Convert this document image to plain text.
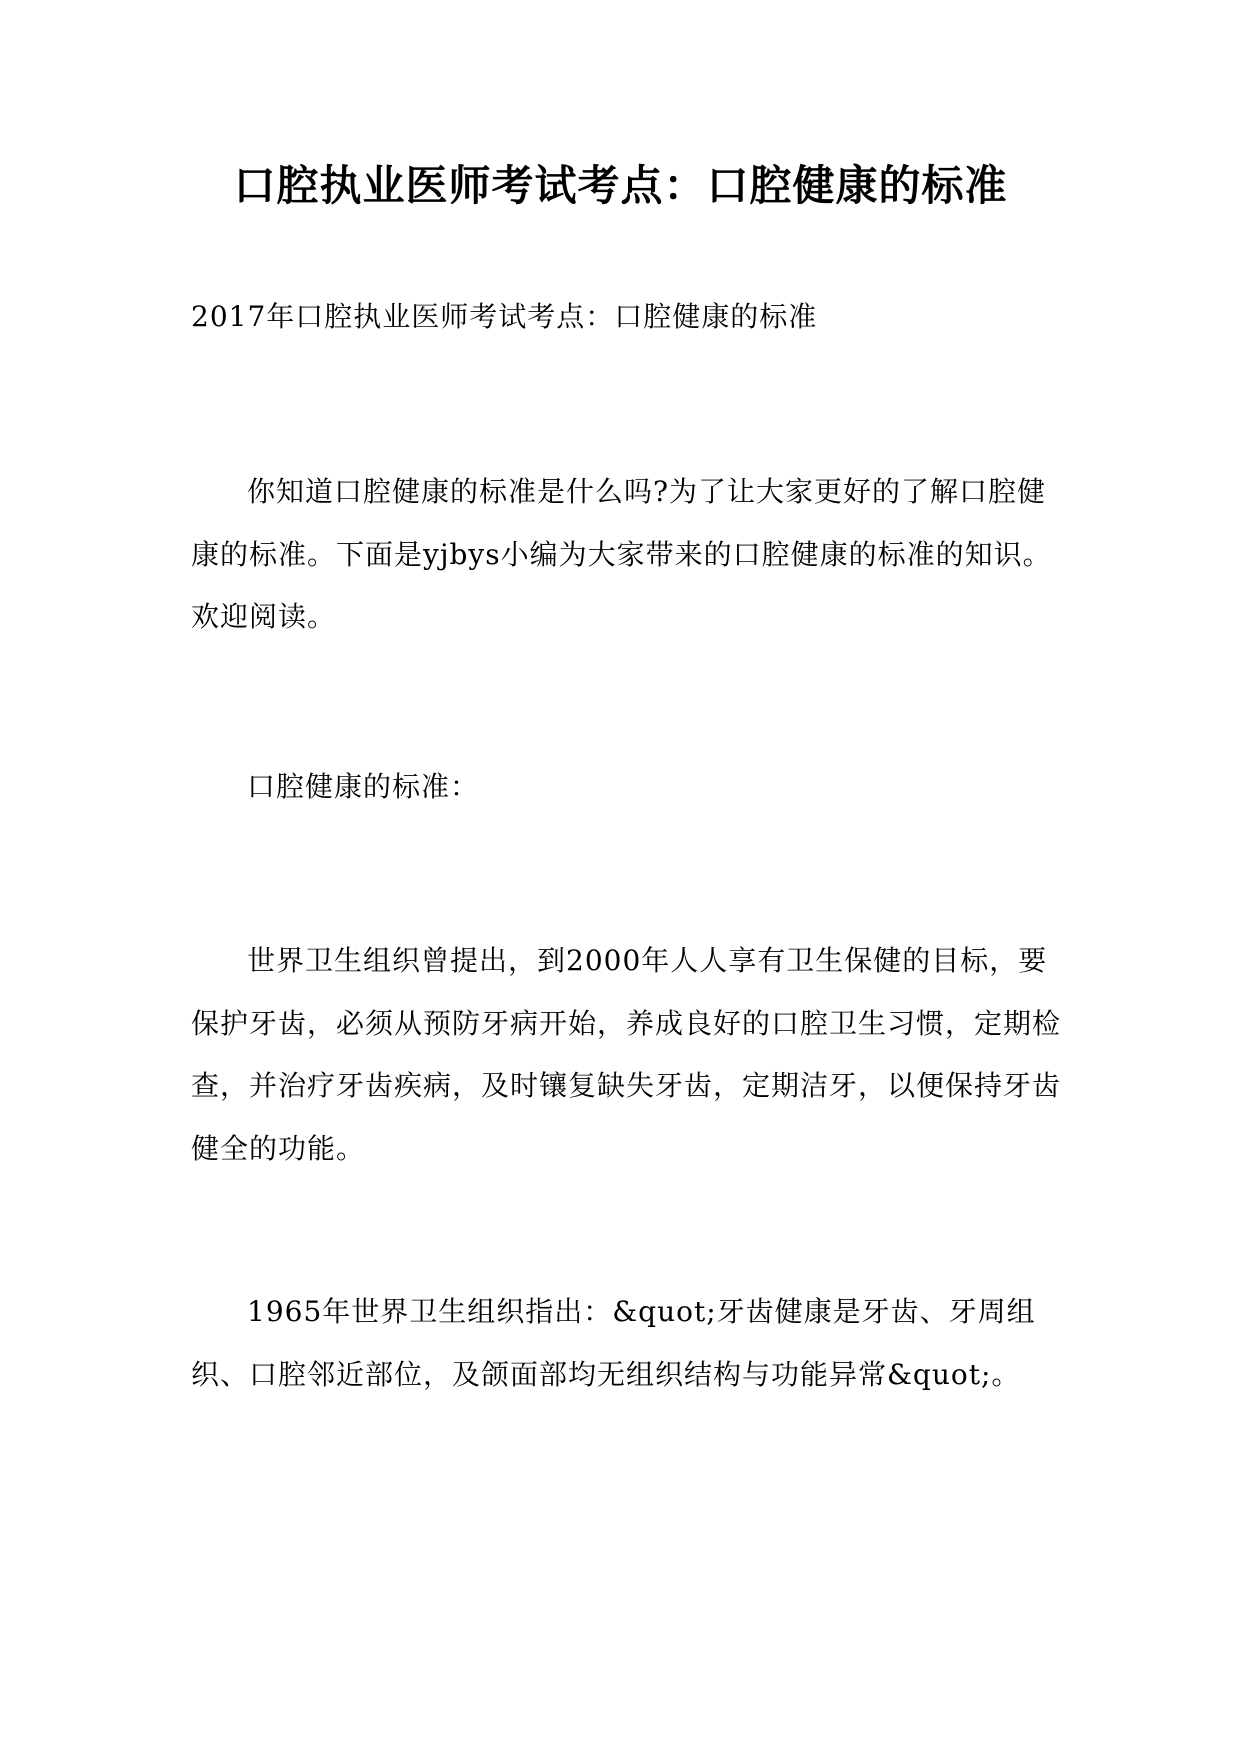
口腔执业医师考试考点：口腔健康的标准

2017年口腔执业医师考试考点：口腔健康的标准

你知道口腔健康的标准是什么吗?为了让大家更好的了解口腔健康的标准。下面是yjbys小编为大家带来的口腔健康的标准的知识。欢迎阅读。

口腔健康的标准：

世界卫生组织曾提出，到2000年人人享有卫生保健的目标，要保护牙齿，必须从预防牙病开始，养成良好的口腔卫生习惯，定期检查，并治疗牙齿疾病，及时镶复缺失牙齿，定期洁牙，以便保持牙齿健全的功能。

1965年世界卫生组织指出：&quot;牙齿健康是牙齿、牙周组织、口腔邻近部位，及颌面部均无组织结构与功能异常&quot;。
